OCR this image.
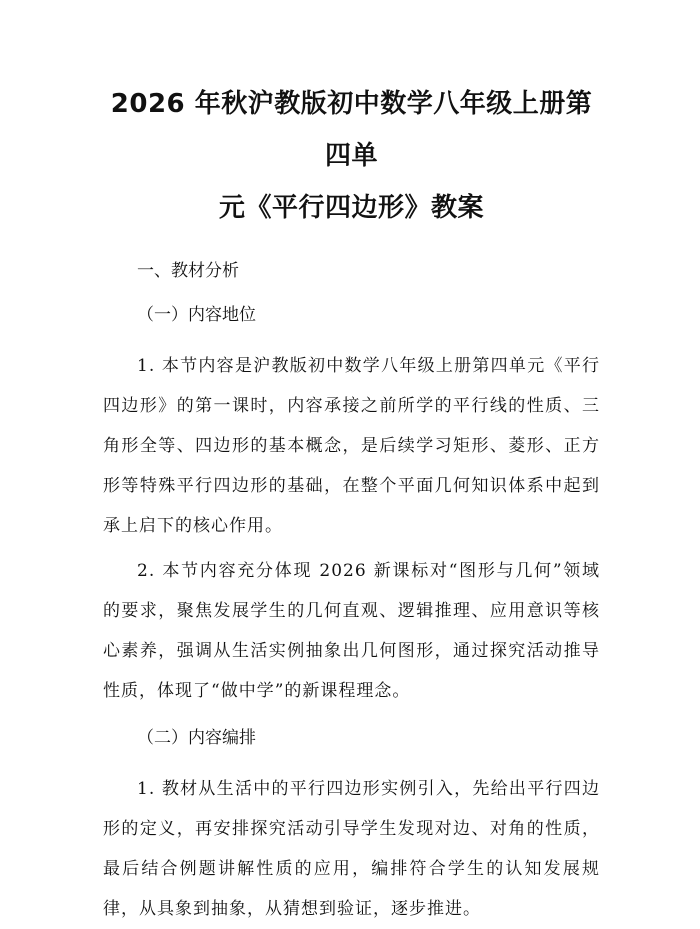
2026 年秋沪教版初中数学八年级上册第四单
元《平行四边形》教案

一、教材分析

（一）内容地位

1. 本节内容是沪教版初中数学八年级上册第四单元《平行四边形》的第一课时，内容承接之前所学的平行线的性质、三角形全等、四边形的基本概念，是后续学习矩形、菱形、正方形等特殊平行四边形的基础，在整个平面几何知识体系中起到承上启下的核心作用。

2. 本节内容充分体现 2026 新课标对“图形与几何”领域的要求，聚焦发展学生的几何直观、逻辑推理、应用意识等核心素养，强调从生活实例抽象出几何图形，通过探究活动推导性质，体现了“做中学”的新课程理念。

（二）内容编排

1. 教材从生活中的平行四边形实例引入，先给出平行四边形的定义，再安排探究活动引导学生发现对边、对角的性质，最后结合例题讲解性质的应用，编排符合学生的认知发展规律，从具象到抽象，从猜想到验证，逐步推进。
